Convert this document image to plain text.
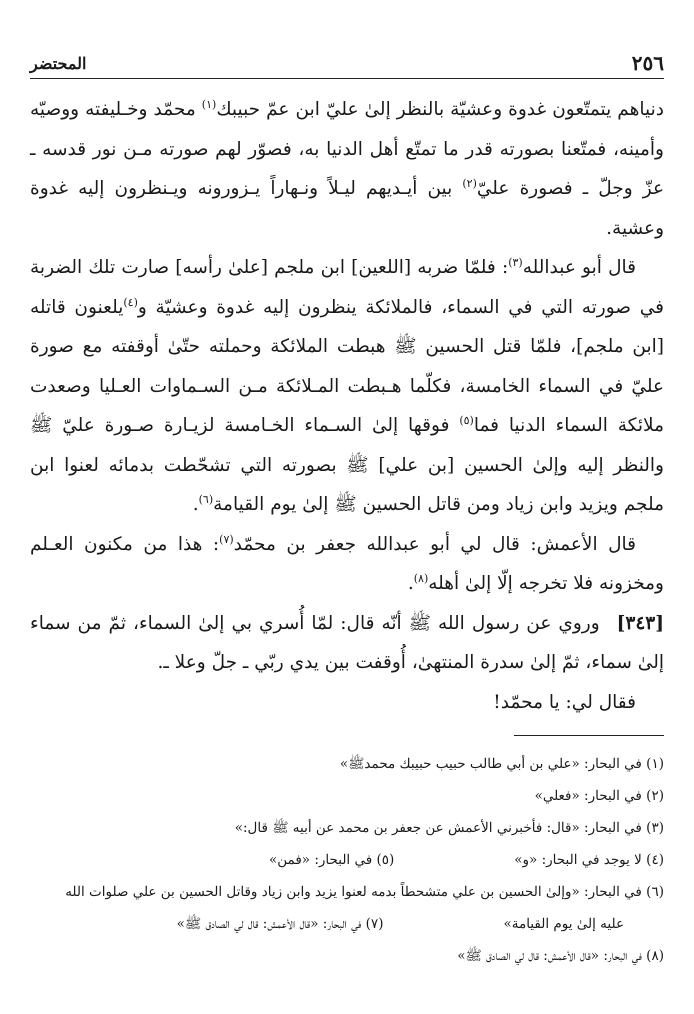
٢٥٦
المحتضر

دنياهم يتمتّعون غدوة وعشيّة بالنظر إلىٰ عليّ ابن عمّ حبيبك$^{(١)}$ محمّد وخـليفته ووصيّه وأمينه، فمتّعنا بصورته قدر ما تمتّع أهل الدنيا به، فصوّر لهم صورته مـن نور قدسه ـ عزّ وجلّ ـ فصورة عليّ$^{(٢)}$ بين أيـديهم ليـلاً ونـهاراً يـزورونه ويـنظرون إليه غدوة وعشية.

قال أبو عبدالله$^{(٣)}$: فلمّا ضربه [اللعين] ابن ملجم [علىٰ رأسه] صارت تلك الضربة في صورته التي في السماء، فالملائكة ينظرون إليه غدوة وعشيّة و$^{(٤)}$يلعنون قاتله [ابن ملجم]، فلمّا قتل الحسين ﷺ هبطت الملائكة وحملته حتّىٰ أوقفته مع صورة عليّ في السماء الخامسة، فكلّما هـبطت المـلائكة مـن السـماوات العـليا وصعدت ملائكة السماء الدنيا فما$^{(٥)}$ فوقها إلىٰ السـماء الخـامسة لزيـارة صـورة عليّ ﷺ والنظر إليه وإلىٰ الحسين [بن علي] ﷺ بصورته التي تشحّطت بدمائه لعنوا ابن ملجم ويزيد وابن زياد ومن قاتل الحسين ﷺ إلىٰ يوم القيامة$^{(٦)}$.

قال الأعمش: قال لي أبو عبدالله جعفر بن محمّد$^{(٧)}$: هذا من مكنون العـلم ومخزونه فلا تخرجه إلّا إلىٰ أهله$^{(٨)}$.

[٣٤٣] وروي عن رسول الله ﷺ أنّه قال: لمّا أُسري بي إلىٰ السماء، ثمّ من سماء إلىٰ سماء، ثمّ إلىٰ سدرة المنتهىٰ، أُوقفت بين يدي ربّي ـ جلّ وعلا ـ.

فقال لي: يا محمّد!

(١) في البحار: «علي بن أبي طالب حبيب حبيبك محمدﷺ»
(٢) في البحار: «فعلي»
(٣) في البحار: «قال: فأخبرني الأعمش عن جعفر بن محمد عن أبيه ﷺ قال:»
(٤) لا يوجد في البحار: «و»
(٥) في البحار: «فمن»
(٦) في البحار: «وإلىٰ الحسين بن علي متشحطاً بدمه لعنوا يزيد وابن زياد وقاتل الحسين بن علي صلوات الله
عليه إلىٰ يوم القيامة»
(٧) في البحار: «قال الأعمش: قال لي الصادق ﷺ»
(٨) في البحار: «قال الأعمش: قال لي الصادق ﷺ»
